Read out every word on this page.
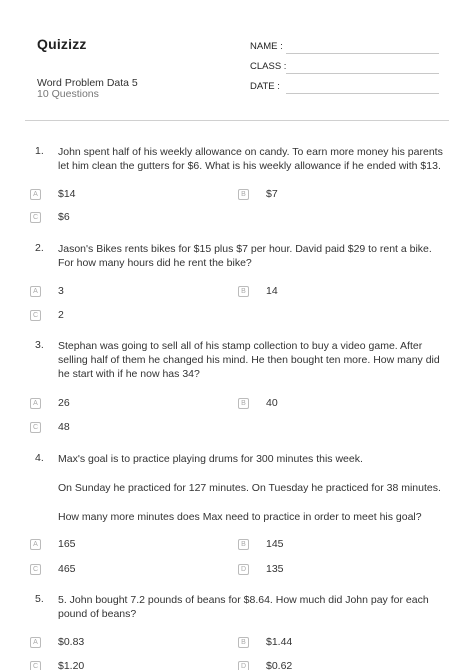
Quizizz
Word Problem Data 5
10 Questions
NAME :
CLASS :
DATE :
1. John spent half of his weekly allowance on candy. To earn more money his parents let him clean the gutters for $6. What is his weekly allowance if he ended with $13.

A	$14	B	$7
C $6
2. Jason's Bikes rents bikes for $15 plus $7 per hour. David paid $29 to rent a bike. For how many hours did he rent the bike?

A	3	B	14
C 2
3. Stephan was going to sell all of his stamp collection to buy a video game. After selling half of them he changed his mind. He then bought ten more. How many did he start with if he now has 34?

A	26	B	40
C 48
4. Max's goal is to practice playing drums for 300 minutes this week.

On Sunday he practiced for 127 minutes. On Tuesday he practiced for 38 minutes.

How many more minutes does Max need to practice in order to meet his goal?

A	165	B	145
C 465	D 135
5. 5. John bought 7.2 pounds of beans for $8.64. How much did John pay for each pound of beans?

A	$0.83	B	$1.44
C $1.20	D $0.62
